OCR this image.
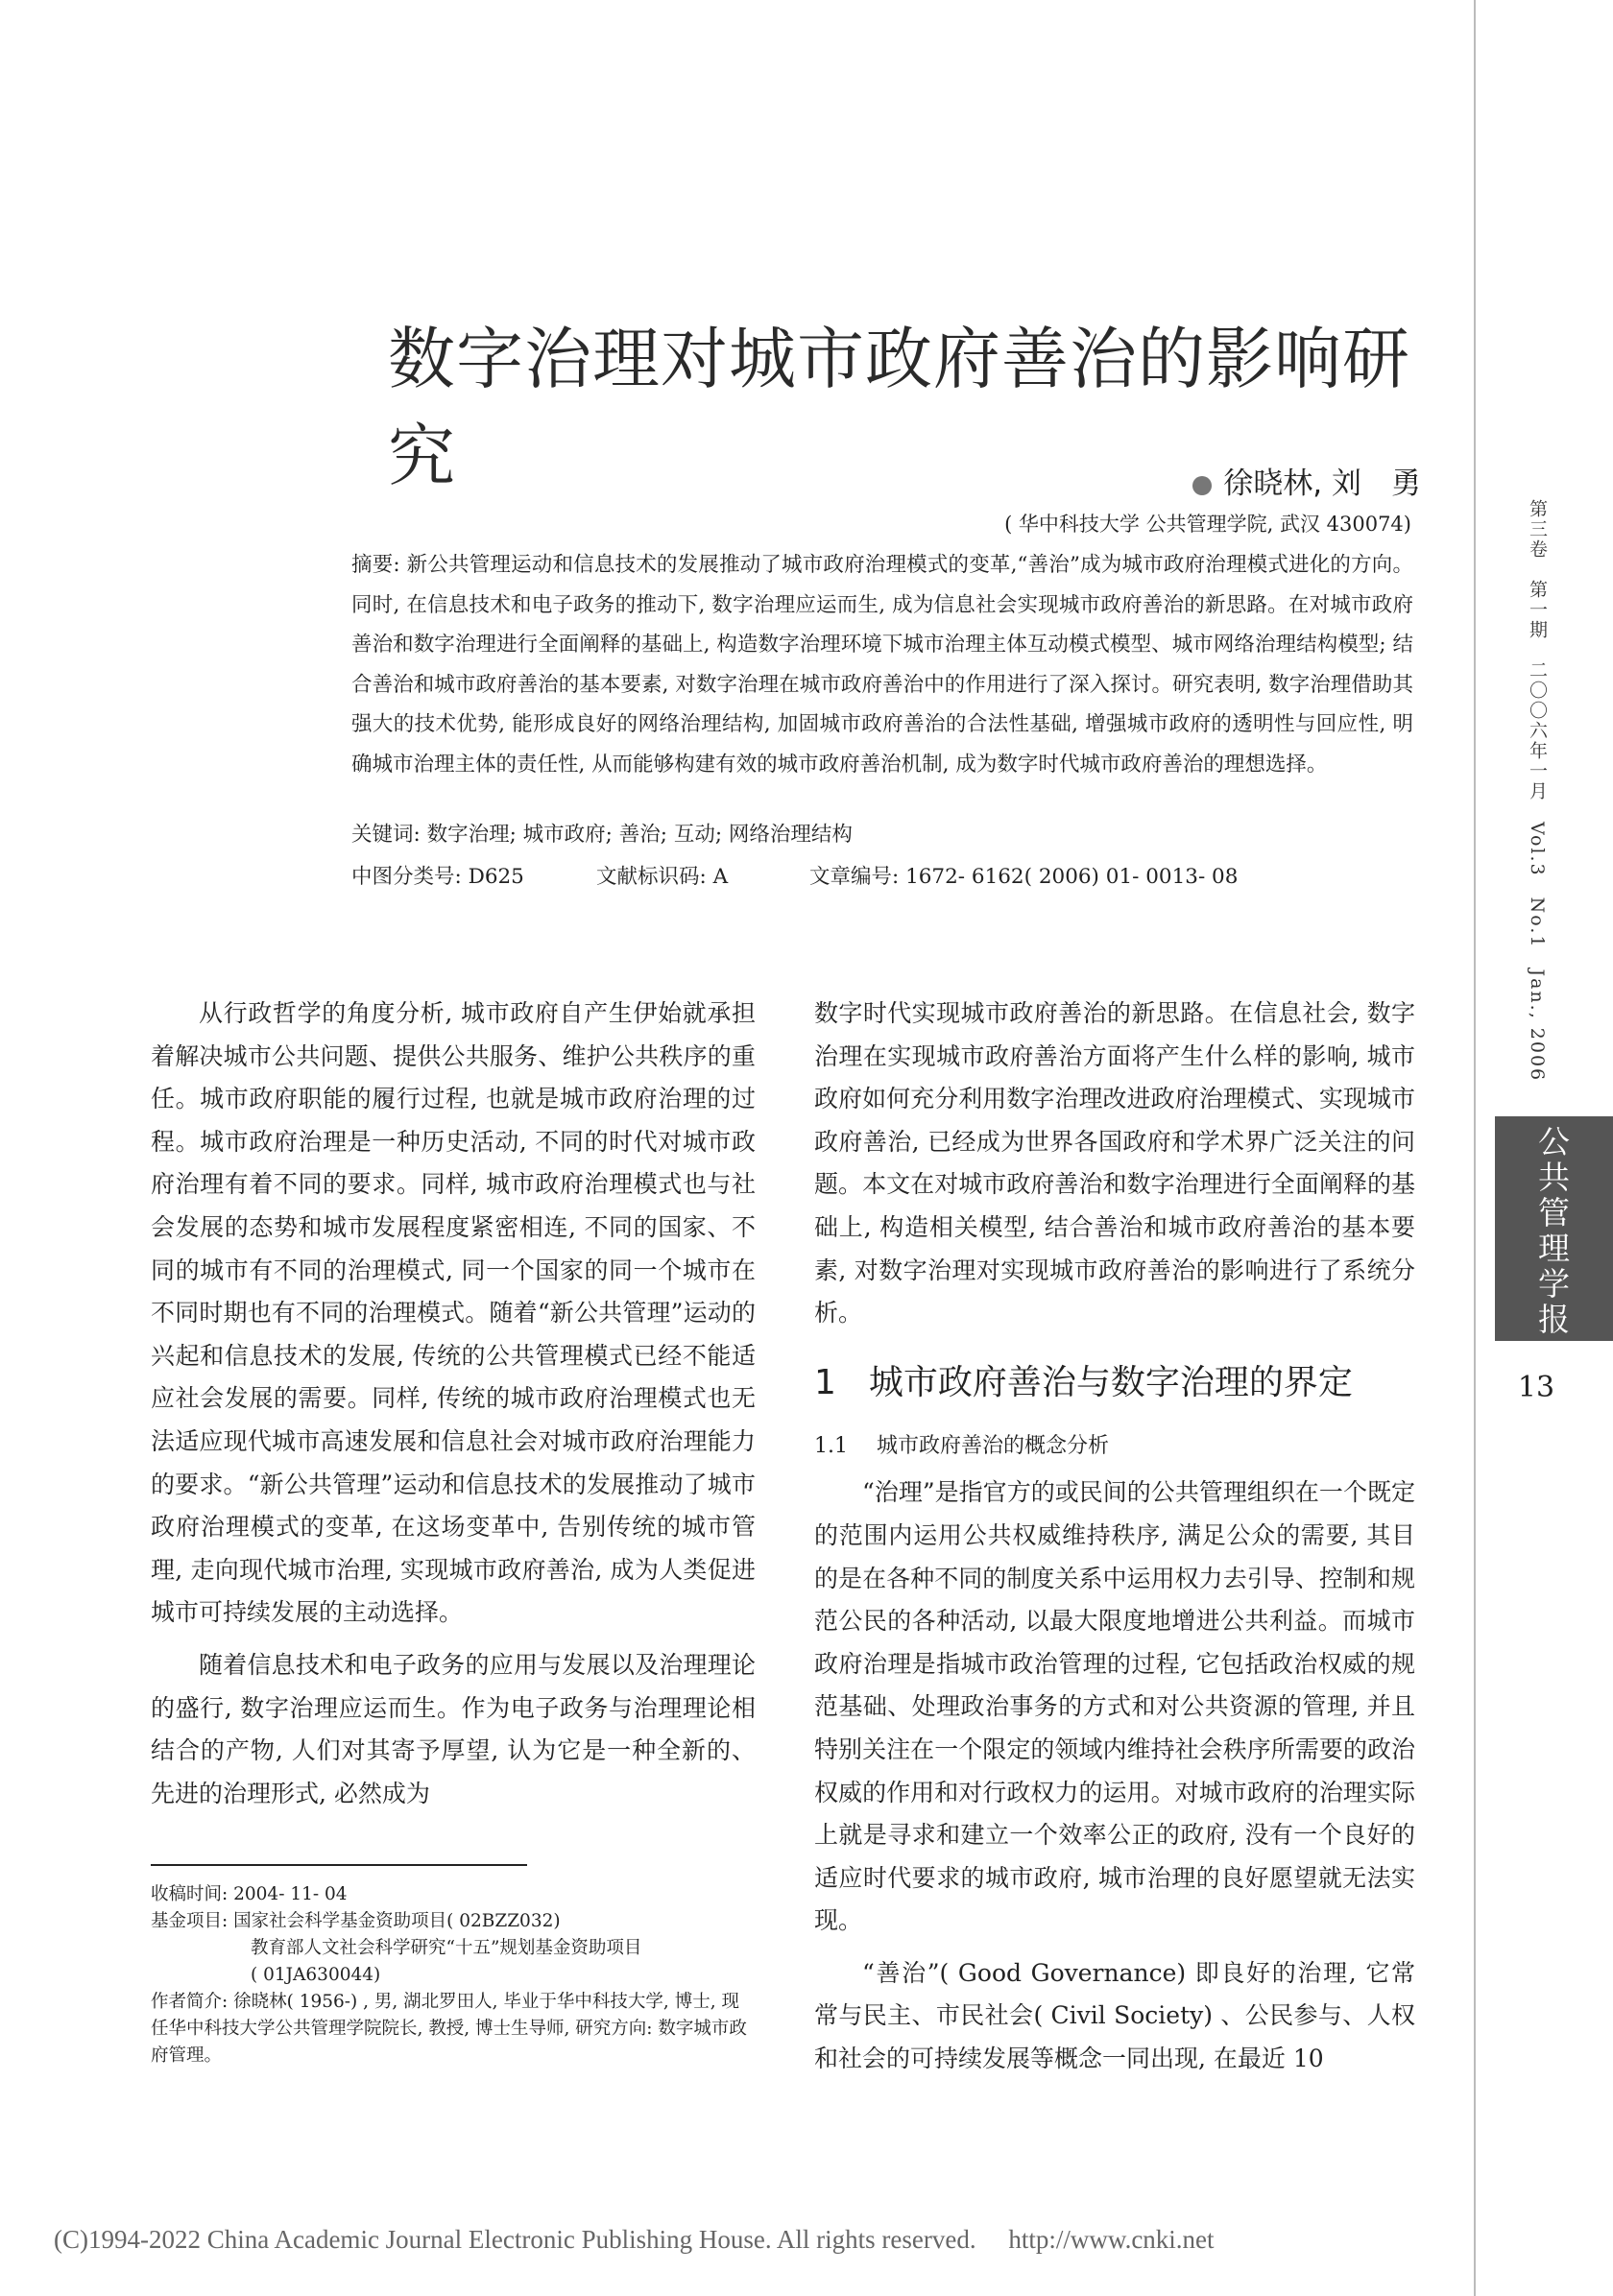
数字治理对城市政府善治的影响研究	徐晓林, 刘　勇
( 华中科技大学 公共管理学院, 武汉 430074)
摘要: 新公共管理运动和信息技术的发展推动了城市政府治理模式的变革,“善治”成为城市政府治理模式进化的方向。同时, 在信息技术和电子政务的推动下, 数字治理应运而生, 成为信息社会实现城市政府善治的新思路。在对城市政府善治和数字治理进行全面阐释的基础上, 构造数字治理环境下城市治理主体互动模式模型、城市网络治理结构模型; 结合善治和城市政府善治的基本要素, 对数字治理在城市政府善治中的作用进行了深入探讨。研究表明, 数字治理借助其强大的技术优势, 能形成良好的网络治理结构, 加固城市政府善治的合法性基础, 增强城市政府的透明性与回应性, 明确城市治理主体的责任性, 从而能够构建有效的城市政府善治机制, 成为数字时代城市政府善治的理想选择。
关键词: 数字治理; 城市政府; 善治; 互动; 网络治理结构
中图分类号: D625	文献标识码: A	文章编号: 1672- 6162( 2006) 01- 0013- 08

从行政哲学的角度分析, 城市政府自产生伊始就承担着解决城市公共问题、提供公共服务、维护公共秩序的重任。城市政府职能的履行过程, 也就是城市政府治理的过程。城市政府治理是一种历史活动, 不同的时代对城市政府治理有着不同的要求。同样, 城市政府治理模式也与社会发展的态势和城市发展程度紧密相连, 不同的国家、不同的城市有不同的治理模式, 同一个国家的同一个城市在不同时期也有不同的治理模式。随着“新公共管理”运动的兴起和信息技术的发展, 传统的公共管理模式已经不能适应社会发展的需要。同样, 传统的城市政府治理模式也无法适应现代城市高速发展和信息社会对城市政府治理能力的要求。“新公共管理”运动和信息技术的发展推动了城市政府治理模式的变革, 在这场变革中, 告别传统的城市管理, 走向现代城市治理, 实现城市政府善治, 成为人类促进城市可持续发展的主动选择。

随着信息技术和电子政务的应用与发展以及治理理论的盛行, 数字治理应运而生。作为电子政务与治理理论相结合的产物, 人们对其寄予厚望, 认为它是一种全新的、先进的治理形式, 必然成为

数字时代实现城市政府善治的新思路。在信息社会, 数字治理在实现城市政府善治方面将产生什么样的影响, 城市政府如何充分利用数字治理改进政府治理模式、实现城市政府善治, 已经成为世界各国政府和学术界广泛关注的问题。本文在对城市政府善治和数字治理进行全面阐释的基础上, 构造相关模型, 结合善治和城市政府善治的基本要素, 对数字治理对实现城市政府善治的影响进行了系统分析。

1 城市政府善治与数字治理的界定
1.1 城市政府善治的概念分析

“治理”是指官方的或民间的公共管理组织在一个既定的范围内运用公共权威维持秩序, 满足公众的需要, 其目的是在各种不同的制度关系中运用权力去引导、控制和规范公民的各种活动, 以最大限度地增进公共利益。而城市政府治理是指城市政治管理的过程, 它包括政治权威的规范基础、处理政治事务的方式和对公共资源的管理, 并且特别关注在一个限定的领域内维持社会秩序所需要的政治权威的作用和对行政权力的运用。对城市政府的治理实际上就是寻求和建立一个效率公正的政府, 没有一个良好的适应时代要求的城市政府, 城市治理的良好愿望就无法实现。

“善治”( Good Governance) 即良好的治理, 它常常与民主、市民社会( Civil Society) 、公民参与、人权和社会的可持续发展等概念一同出现, 在最近 10

收稿时间: 2004- 11- 04
基金项目: 国家社会科学基金资助项目( 02BZZ032)
教育部人文社会科学研究“十五”规划基金资助项目
( 01JA630044)
作者简介: 徐晓林( 1956-) , 男, 湖北罗田人, 毕业于华中科技大学, 博士, 现任华中科技大学公共管理学院院长, 教授, 博士生导师, 研究方向: 数字城市政府管理。
第三卷　第一期　二〇〇六年一月　Vol.3　No.1　Jan., 2006
公共管理学报
13
(C)1994-2022 China Academic Journal Electronic Publishing House. All rights reserved.　 http://www.cnki.net
